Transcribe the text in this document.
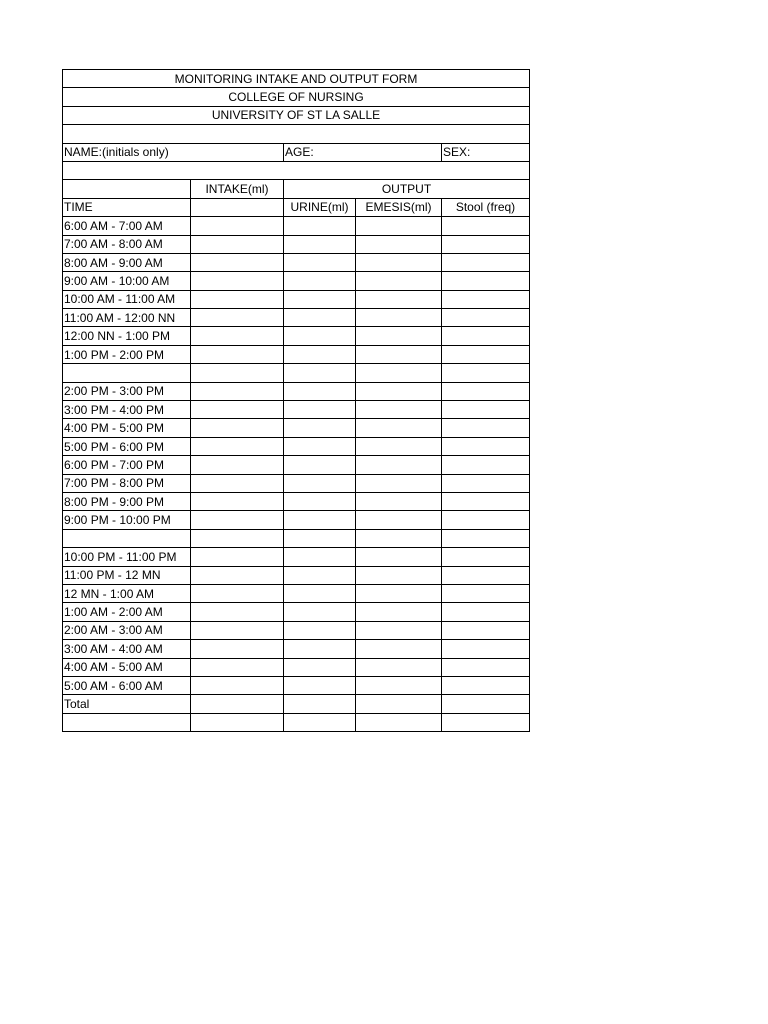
MONITORING INTAKE AND OUTPUT FORM				
COLLEGE OF NURSING				
UNIVERSITY OF ST LA SALLE				

NAME:(initials only)		AGE:		SEX:

	INTAKE(ml)	OUTPUT		
TIME		URINE(ml)	EMESIS(ml)	Stool (freq)
6:00 AM - 7:00 AM				
7:00 AM - 8:00 AM				
8:00 AM - 9:00 AM				
9:00 AM - 10:00 AM				
10:00 AM - 11:00 AM				
11:00 AM - 12:00 NN				
12:00 NN - 1:00 PM				
1:00 PM - 2:00 PM				

2:00 PM - 3:00 PM				
3:00 PM - 4:00 PM				
4:00 PM - 5:00 PM				
5:00 PM - 6:00 PM				
6:00 PM - 7:00 PM				
7:00 PM - 8:00 PM				
8:00 PM - 9:00 PM				
9:00 PM - 10:00 PM				

10:00 PM - 11:00 PM				
11:00 PM - 12 MN				
12 MN - 1:00 AM				
1:00 AM - 2:00 AM				
2:00 AM - 3:00 AM				
3:00 AM - 4:00 AM				
4:00 AM - 5:00 AM				
5:00 AM - 6:00 AM				
Total				
